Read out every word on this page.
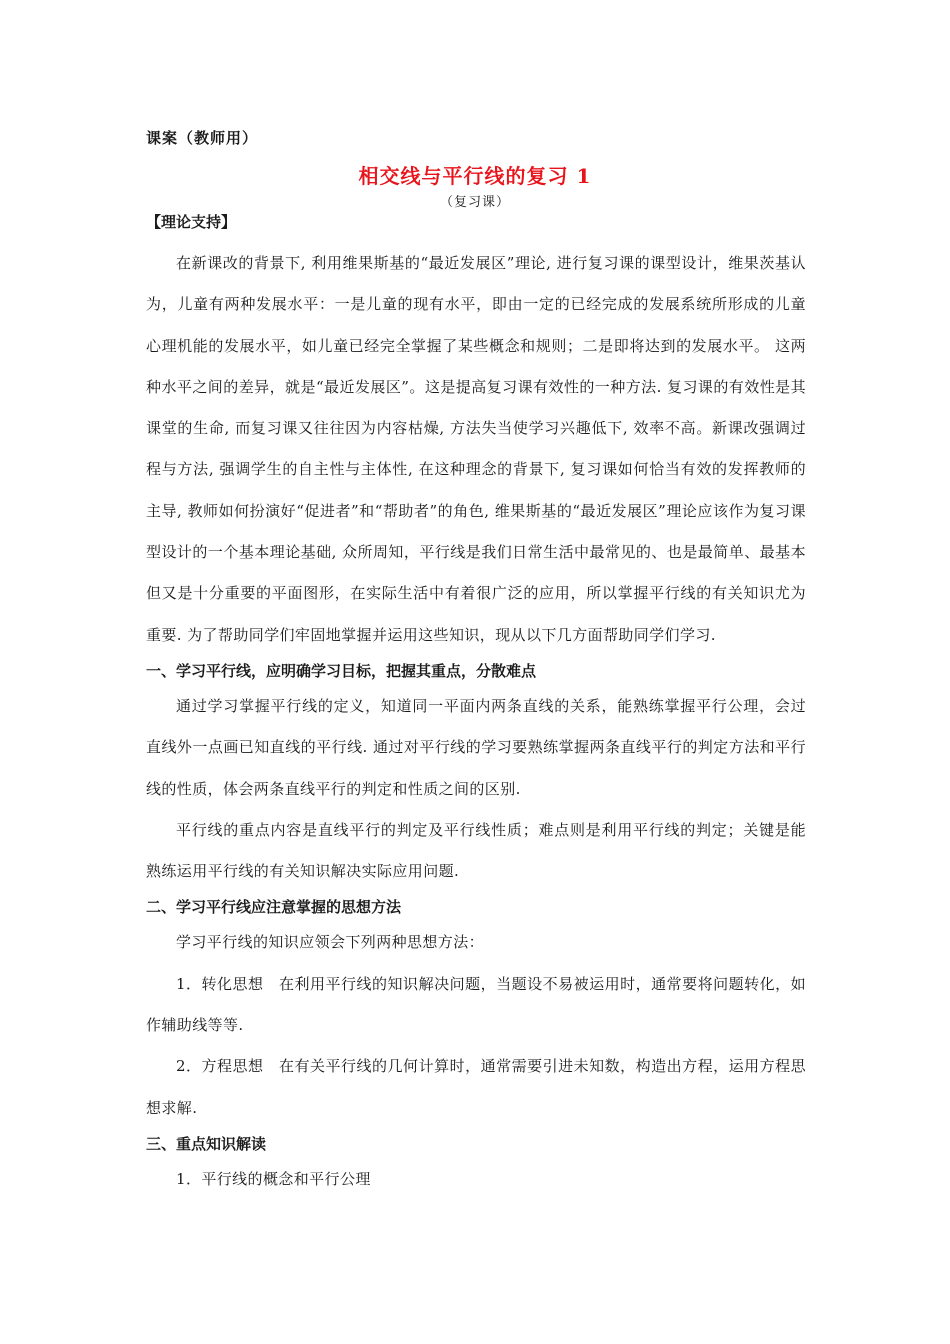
课案（教师用）
相交线与平行线的复习 1
（复习课）

【理论支持】

在新课改的背景下, 利用维果斯基的“最近发展区”理论, 进行复习课的课型设计，维果茨基认为，儿童有两种发展水平：一是儿童的现有水平，即由一定的已经完成的发展系统所形成的儿童心理机能的发展水平，如儿童已经完全掌握了某些概念和规则；二是即将达到的发展水平。 这两种水平之间的差异，就是“最近发展区”。这是提高复习课有效性的一种方法. 复习课的有效性是其课堂的生命, 而复习课又往往因为内容枯燥, 方法失当使学习兴趣低下, 效率不高。新课改强调过程与方法, 强调学生的自主性与主体性, 在这种理念的背景下, 复习课如何恰当有效的发挥教师的主导, 教师如何扮演好“促进者”和“帮助者”的角色, 维果斯基的“最近发展区”理论应该作为复习课型设计的一个基本理论基础, 众所周知，平行线是我们日常生活中最常见的、也是最简单、最基本但又是十分重要的平面图形，在实际生活中有着很广泛的应用，所以掌握平行线的有关知识尤为重要. 为了帮助同学们牢固地掌握并运用这些知识，现从以下几方面帮助同学们学习.

一、学习平行线，应明确学习目标，把握其重点，分散难点

通过学习掌握平行线的定义，知道同一平面内两条直线的关系，能熟练掌握平行公理，会过直线外一点画已知直线的平行线. 通过对平行线的学习要熟练掌握两条直线平行的判定方法和平行线的性质，体会两条直线平行的判定和性质之间的区别.

平行线的重点内容是直线平行的判定及平行线性质；难点则是利用平行线的判定；关键是能熟练运用平行线的有关知识解决实际应用问题.

二、学习平行线应注意掌握的思想方法

学习平行线的知识应领会下列两种思想方法：

1．转化思想　在利用平行线的知识解决问题，当题设不易被运用时，通常要将问题转化，如作辅助线等等.

2．方程思想　在有关平行线的几何计算时，通常需要引进未知数，构造出方程，运用方程思想求解.

三、重点知识解读

1．平行线的概念和平行公理
